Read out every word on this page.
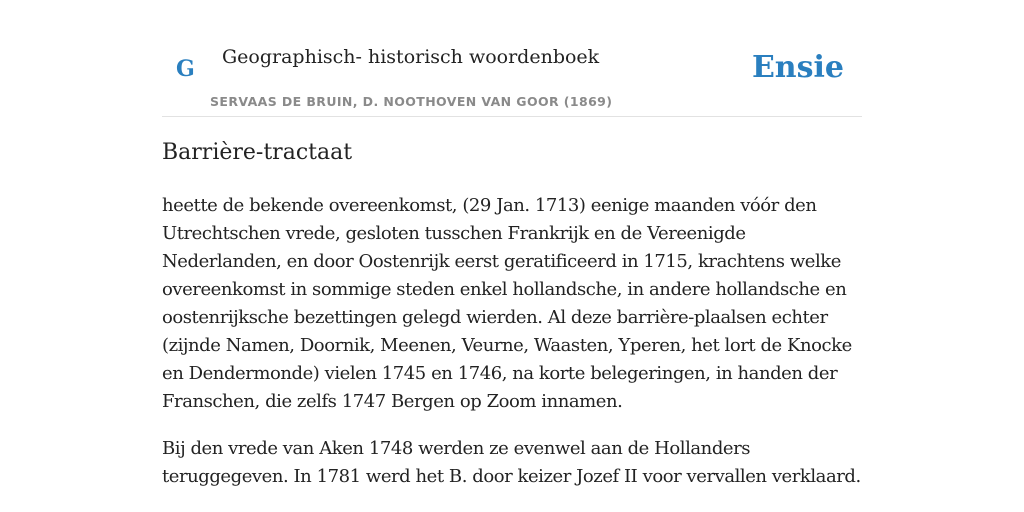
G Geographisch- historisch woordenboek
SERVAAS DE BRUIN, D. NOOTHOVEN VAN GOOR (1869)
Ensie
Barrière-tractaat

heette de bekende overeenkomst, (29 Jan. 1713) eenige maanden vóór den Utrechtschen vrede, gesloten tusschen Frankrijk en de Vereenigde Nederlanden, en door Oostenrijk eerst geratificeerd in 1715, krachtens welke overeenkomst in sommige steden enkel hollandsche, in andere hollandsche en oostenrijksche bezettingen gelegd wierden. Al deze barrière-plaalsen echter (zijnde Namen, Doornik, Meenen, Veurne, Waasten, Yperen, het lort de Knocke en Dendermonde) vielen 1745 en 1746, na korte belegeringen, in handen der Franschen, die zelfs 1747 Bergen op Zoom innamen.

Bij den vrede van Aken 1748 werden ze evenwel aan de Hollanders teruggegeven. In 1781 werd het B. door keizer Jozef II voor vervallen verklaard.
